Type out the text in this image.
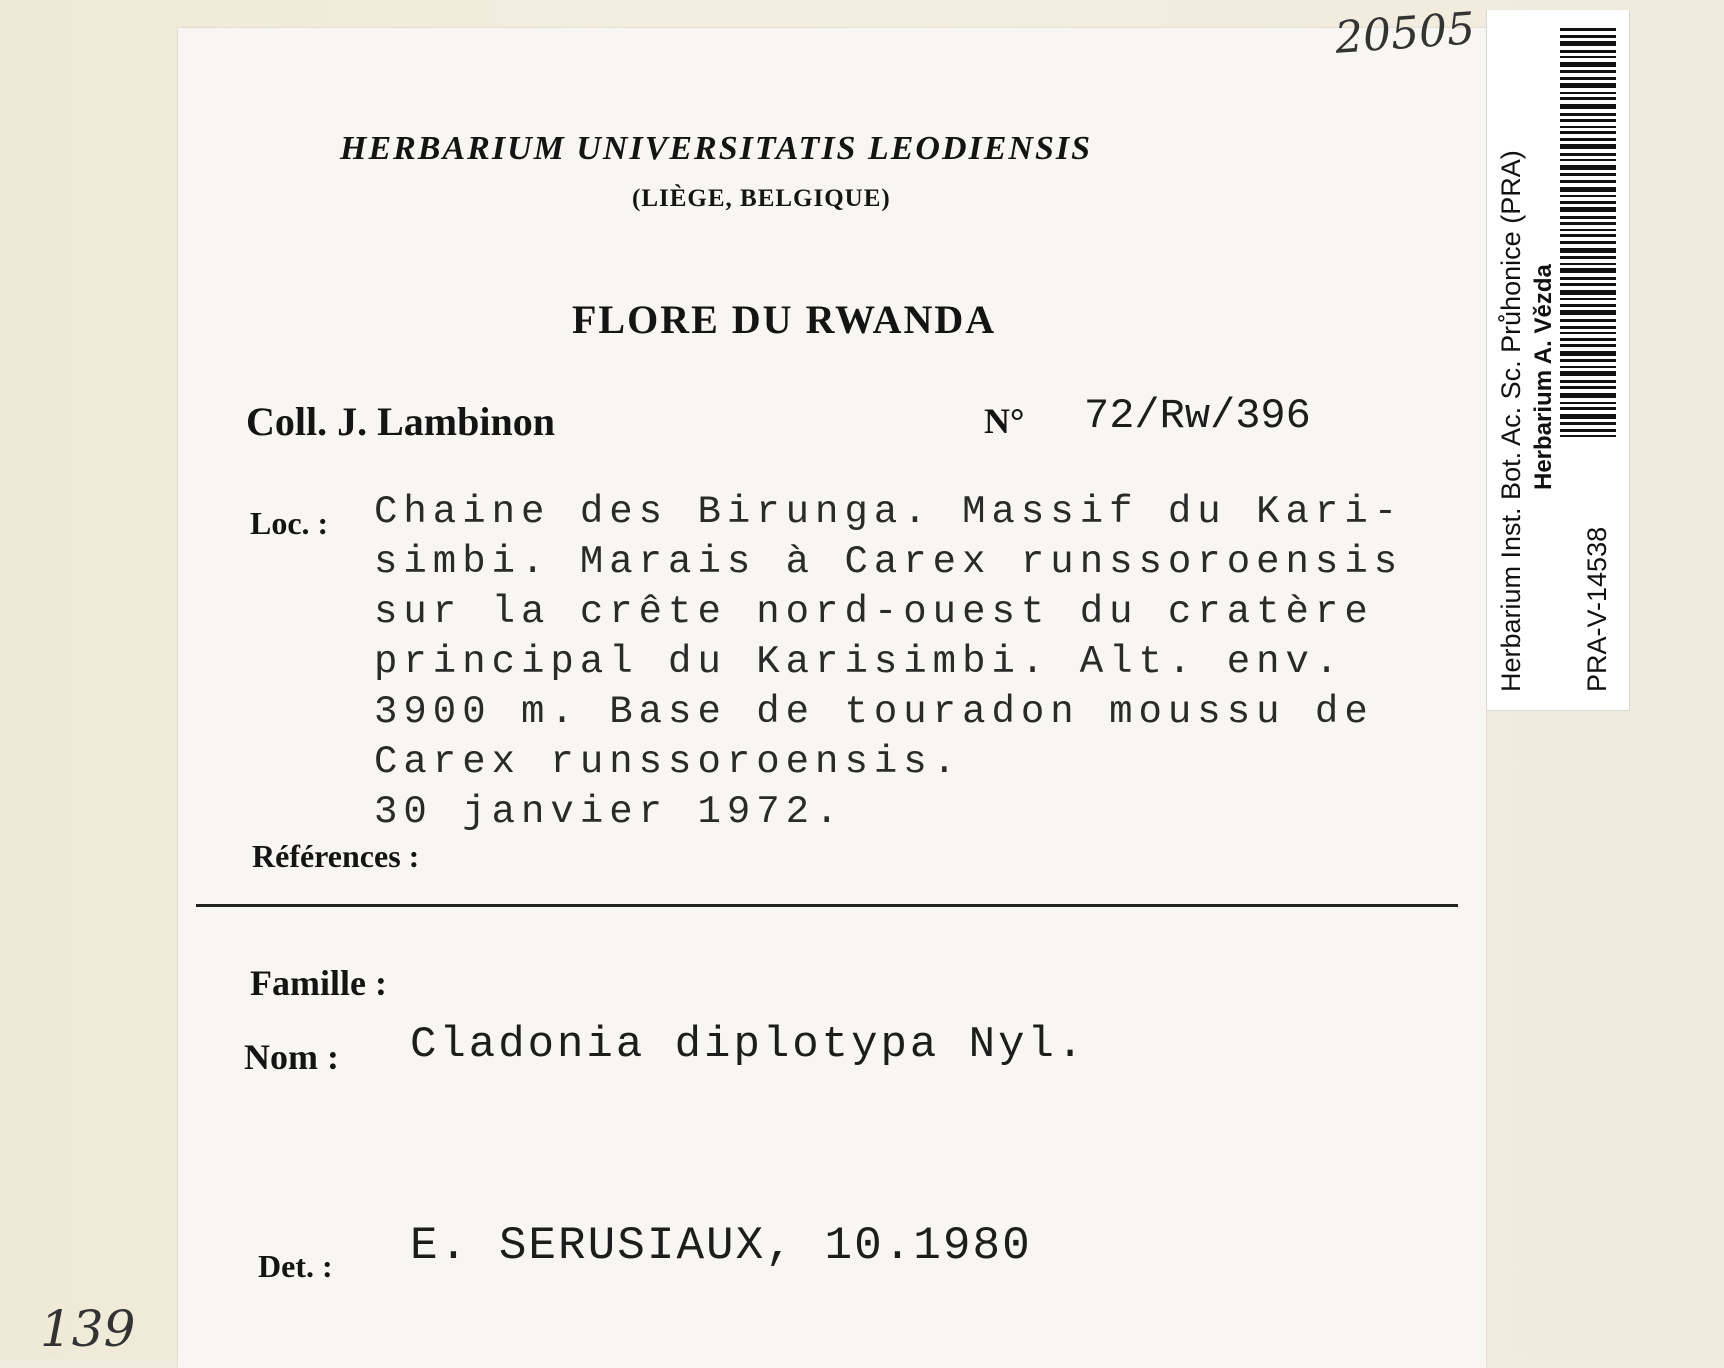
20505
139
HERBARIUM UNIVERSITATIS LEODIENSIS
(LIÈGE, BELGIQUE)
FLORE DU RWANDA
Coll. J. Lambinon	N° 72/Rw/396
Loc. : Chaine des Birunga. Massif du Kari-
simbi. Marais à Carex runssoroensis
sur la crête nord-ouest du cratère
principal du Karisimbi. Alt. env.
3900 m. Base de touradon moussu de
Carex runssoroensis.
30 janvier 1972.
Références :
Famille :
Nom : Cladonia diplotypa Nyl.
Det. : E. SERUSIAUX, 10.1980
Herbarium Inst. Bot. Ac. Sc. Průhonice (PRA) Herbarium A. Vězda
PRA-V-14538
